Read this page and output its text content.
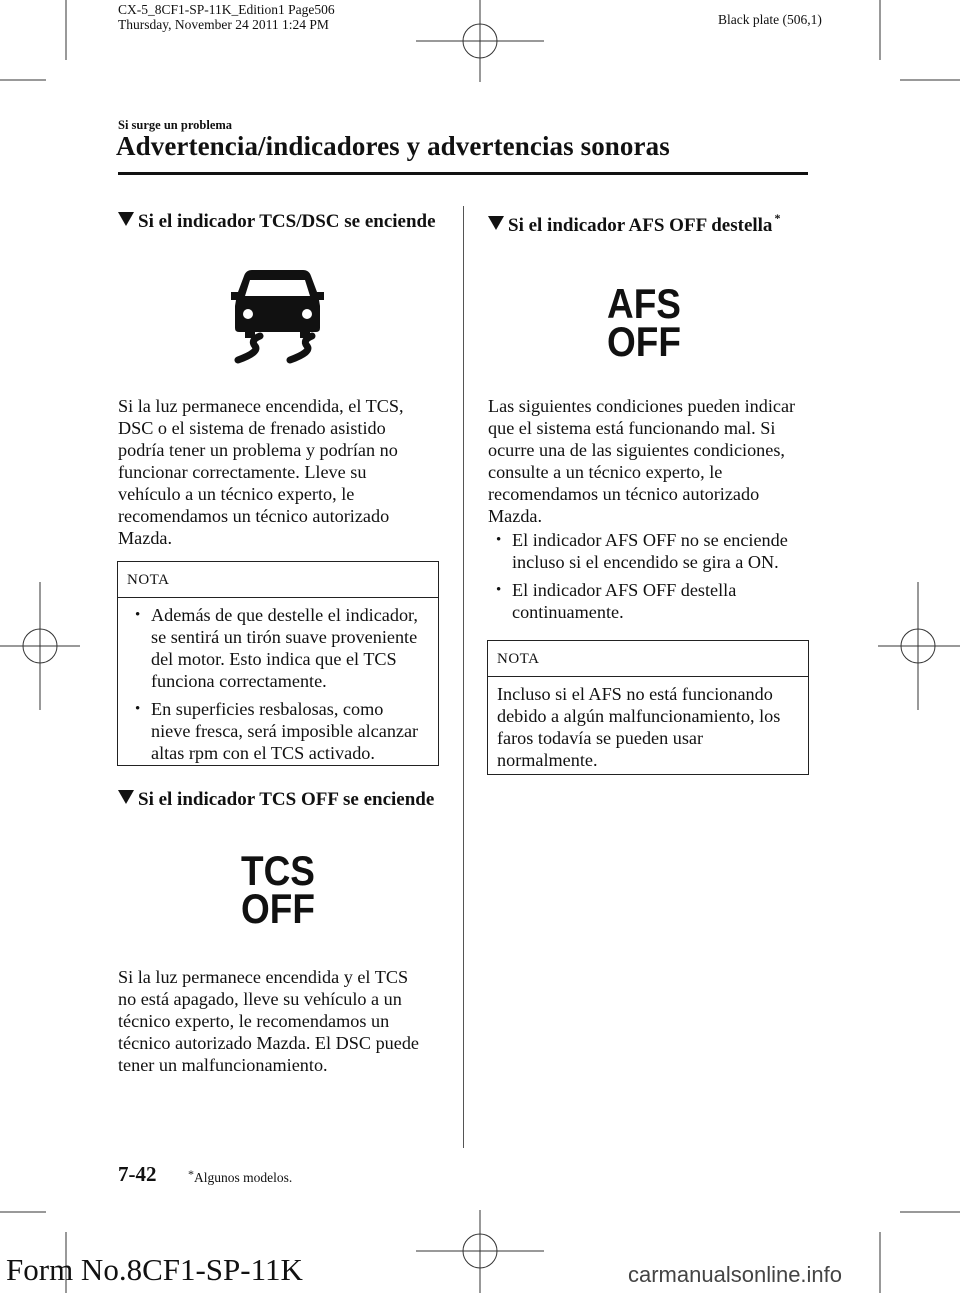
CX-5_8CF1-SP-11K_Edition1 Page506
Thursday, November 24 2011 1:24 PM	Black plate (506,1)
Si surge un problema
Advertencia/indicadores y advertencias sonoras
Si el indicador TCS/DSC se enciende
Si la luz permanece encendida, el TCS,
DSC o el sistema de frenado asistido
podría tener un problema y podrían no
funcionar correctamente. Lleve su
vehículo a un técnico experto, le
recomendamos un técnico autorizado
Mazda.
NOTA
• Además de que destelle el indicador,
se sentirá un tirón suave proveniente
del motor. Esto indica que el TCS
funciona correctamente.
• En superficies resbalosas, como
nieve fresca, será imposible alcanzar
altas rpm con el TCS activado.
Si el indicador TCS OFF se enciende
TCS
OFF
Si la luz permanece encendida y el TCS
no está apagado, lleve su vehículo a un
técnico experto, le recomendamos un
técnico autorizado Mazda. El DSC puede
tener un malfuncionamiento.
Si el indicador AFS OFF destella *
AFS
OFF
Las siguientes condiciones pueden indicar
que el sistema está funcionando mal. Si
ocurre una de las siguientes condiciones,
consulte a un técnico experto, le
recomendamos un técnico autorizado
Mazda.
• El indicador AFS OFF no se enciende
incluso si el encendido se gira a ON.
• El indicador AFS OFF destella
continuamente.
NOTA
Incluso si el AFS no está funcionando
debido a algún malfuncionamiento, los
faros todavía se pueden usar
normalmente.
7-42	*Algunos modelos.
Form No.8CF1-SP-11K	carmanualsonline.info
